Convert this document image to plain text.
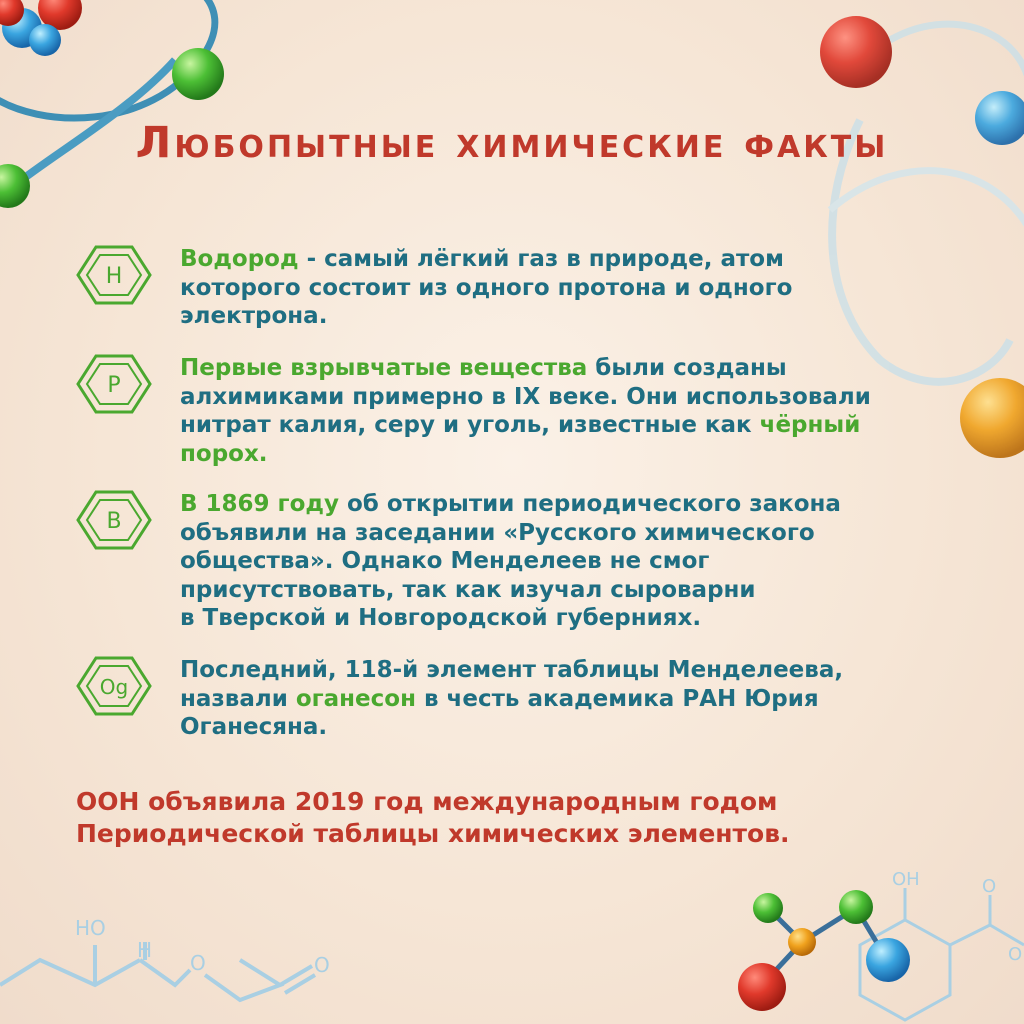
HO
H
O	O
OH	O
O
Любопытные химические факты
H

Водород - самый лёгкий газ в природе, атом
которого состоит из одного протона и одного
электрона.

P

Первые взрывчатые вещества были созданы
алхимиками примерно в IX веке. Они использовали
нитрат калия, серу и уголь, известные как чёрный
порох.

B

В 1869 году об открытии периодического закона
объявили на заседании «Русского химического
общества». Однако Менделеев не смог
присутствовать, так как изучал сыроварни
в Тверской и Новгородской губерниях.

Og

Последний, 118-й элемент таблицы Менделеева,
назвали оганесон в честь академика РАН Юрия
Оганесяна.

ООН объявила 2019 год международным годом
Периодической таблицы химических элементов.
